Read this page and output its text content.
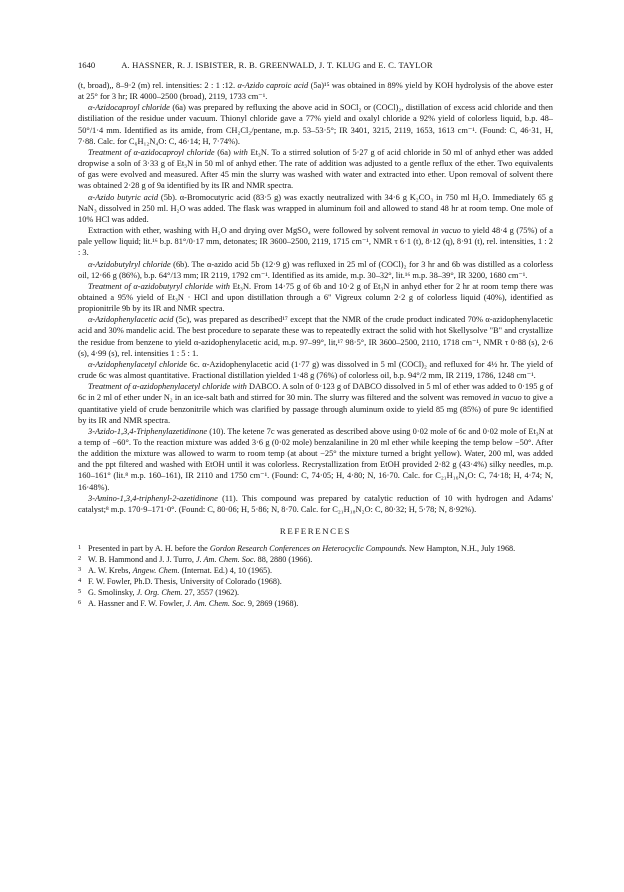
1640	A. HASSNER, R. J. ISBISTER, R. B. GREENWALD, J. T. KLUG and E. C. TAYLOR

(t, broad),, 8–9·2 (m) rel. intensities: 2 : 1 :12. α-Azido caproic acid (5a)¹⁵ was obtained in 89% yield by KOH hydrolysis of the above ester at 25° for 3 hr; IR 4000–2500 (broad), 2119, 1733 cm⁻¹.

α-Azidocaproyl chloride (6a) was prepared by refluxing the above acid in SOCl₂ or (COCl)₂, distillation of excess acid chloride and then distiliation of the residue under vacuum. Thionyl chloride gave a 77% yield and oxalyl chloride a 92% yield of colorless liquid, b.p. 48–50°/1·4 mm. Identified as its amide, from CH₂Cl₂/pentane, m.p. 53–53·5°; IR 3401, 3215, 2119, 1653, 1613 cm⁻¹. (Found: C, 46·31, H, 7·88. Calc. for C₆H₁₂N₄O: C, 46·14; H, 7·74%).

Treatment of α-azidocaproyl chloride (6a) with Et₃N. To a stirred solution of 5·27 g of acid chloride in 50 ml of anhyd ether was added dropwise a soln of 3·33 g of Et₃N in 50 ml of anhyd ether. The rate of addition was adjusted to a gentle reflux of the ether. Two equivalents of gas were evolved and measured. After 45 min the slurry was washed with water and extracted into ether. Upon removal of solvent there was obtained 2·28 g of 9a identified by its IR and NMR spectra.

α-Azido butyric acid (5b). α-Bromocutyric acid (83·5 g) was exactly neutralized with 34·6 g K₂CO₃ in 750 ml H₂O. Immediately 65 g NaN₃ dissolved in 250 ml. H₂O was added. The flask was wrapped in aluminum foil and allowed to stand 48 hr at room temp. One mole of 10% HCl was added.

Extraction with ether, washing with H₂O and drying over MgSO₄ were followed by solvent removal in vacuo to yield 48·4 g (75%) of a pale yellow liquid; lit.¹⁶ b.p. 81°/0·17 mm, detonates; IR 3600–2500, 2119, 1715 cm⁻¹, NMR τ 6·1 (t), 8·12 (q), 8·91 (t), rel. intensities, 1 : 2 : 3.

α-Azidobutylryl chloride (6b). The α-azido acid 5b (12·9 g) was refluxed in 25 ml of (COCl)₂ for 3 hr and 6b was distilled as a colorless oil, 12·66 g (86%), b.p. 64°/13 mm; IR 2119, 1792 cm⁻¹. Identified as its amide, m.p. 30–32°, lit.¹⁶ m.p. 38–39°, IR 3200, 1680 cm⁻¹.

Treatment of α-azidobutyryl chloride with Et₃N. From 14·75 g of 6b and 10·2 g of Et₃N in anhyd ether for 2 hr at room temp there was obtained a 95% yield of Et₃N · HCl and upon distillation through a 6" Vigreux column 2·2 g of colorless liquid (40%), identified as propionitrile 9b by its IR and NMR spectra.

α-Azidophenylacetic acid (5c), was prepared as described¹⁷ except that the NMR of the crude product indicated 70% α-azidophenylacetic acid and 30% mandelic acid. The best procedure to separate these was to repeatedly extract the solid with hot Skellysolve "B" and crystallize the residue from benzene to yield α-azidophenylacetic acid, m.p. 97–99°, lit,¹⁷ 98·5°, IR 3600–2500, 2110, 1718 cm⁻¹, NMR τ 0·88 (s), 2·6 (s), 4·99 (s), rel. intensities 1 : 5 : 1.

α-Azidophenylacetyl chloride 6c. α-Azidophenylacetic acid (1·77 g) was dissolved in 5 ml (COCl)₂ and refluxed for 4½ hr. The yield of crude 6c was almost quantitative. Fractional distillation yielded 1·48 g (76%) of colorless oil, b.p. 94°/2 mm, IR 2119, 1786, 1248 cm⁻¹.

Treatment of α-azidophenylacetyl chloride with DABCO. A soln of 0·123 g of DABCO dissolved in 5 ml of ether was added to 0·195 g of 6c in 2 ml of ether under N₂ in an ice-salt bath and stirred for 30 min. The slurry was filtered and the solvent was removed in vacuo to give a quantitative yield of crude benzonitrile which was clarified by passage through aluminum oxide to yield 85 mg (85%) of pure 9c identified by its IR and NMR spectra.

3-Azido-1,3,4-Triphenylazetidinone (10). The ketene 7c was generated as described above using 0·02 mole of 6c and 0·02 mole of Et₃N at a temp of −60°. To the reaction mixture was added 3·6 g (0·02 mole) benzalaniline in 20 ml ether while keeping the temp below −50°. After the addition the mixture was allowed to warm to room temp (at about −25° the mixture turned a bright yellow). Water, 200 ml, was added and the ppt filtered and washed with EtOH until it was colorless. Recrystallization from EtOH provided 2·82 g (43·4%) silky needles, m.p. 160–161° (lit.⁸ m.p. 160–161), IR 2110 and 1750 cm⁻¹. (Found: C, 74·05; H, 4·80; N, 16·70. Calc. for C₂₁H₁₆N₄O: C, 74·18; H, 4·74; N, 16·48%).

3-Amino-1,3,4-triphenyl-2-azetidinone (11). This compound was prepared by catalytic reduction of 10 with hydrogen and Adams' catalyst;⁸ m.p. 170·9–171·0°. (Found: C, 80·06; H, 5·86; N, 8·70. Calc. for C₂₁H₁₈N₂O: C, 80·32; H, 5·78; N, 8·92%).

REFERENCES
1 Presented in part by A. H. before the Gordon Research Conferences on Heterocyclic Compounds. New Hampton, N.H., July 1968.
2 W. B. Hammond and J. J. Turro, J. Am. Chem. Soc. 88, 2880 (1966).
3 A. W. Krebs, Angew. Chem. (Internat. Ed.) 4, 10 (1965).
4 F. W. Fowler, Ph.D. Thesis, University of Colorado (1968).
5 G. Smolinsky, J. Org. Chem. 27, 3557 (1962).
6 A. Hassner and F. W. Fowler, J. Am. Chem. Soc. 9, 2869 (1968).
